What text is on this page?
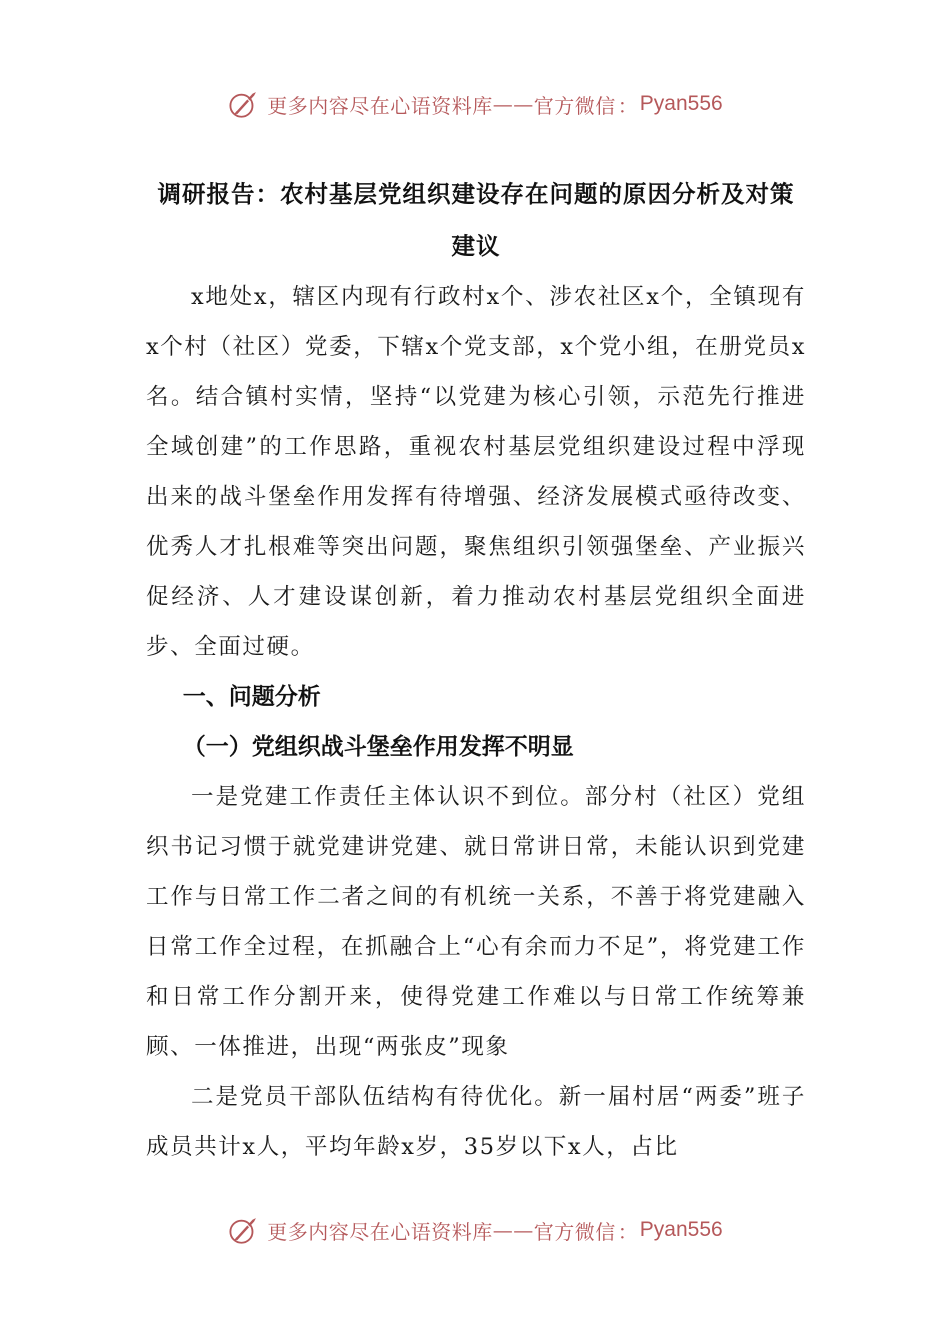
更多内容尽在心语资料库 —— 官方微信 ： Pyan556
调研报告：农村基层党组织建设存在问题的原因分析及对策建议

x地处x，辖区内现有行政村x个、涉农社区x个，全镇现有x个村（社区）党委，下辖x个党支部，x个党小组，在册党员x名。结合镇村实情，坚持“以党建为核心引领，示范先行推进全域创建”的工作思路，重视农村基层党组织建设过程中浮现出来的战斗堡垒作用发挥有待增强、经济发展模式亟待改变、优秀人才扎根难等突出问题，聚焦组织引领强堡垒、产业振兴促经济、人才建设谋创新，着力推动农村基层党组织全面进步、全面过硬。

一、问题分析

（一）党组织战斗堡垒作用发挥不明显

一是党建工作责任主体认识不到位。部分村（社区）党组织书记习惯于就党建讲党建、就日常讲日常，未能认识到党建工作与日常工作二者之间的有机统一关系，不善于将党建融入日常工作全过程，在抓融合上“心有余而力不足”，将党建工作和日常工作分割开来，使得党建工作难以与日常工作统筹兼顾、一体推进，出现“两张皮”现象

二是党员干部队伍结构有待优化。新一届村居“两委”班子成员共计x人，平均年龄x岁，35岁以下x人，占比

更多内容尽在心语资料库 —— 官方微信 ： Pyan556
